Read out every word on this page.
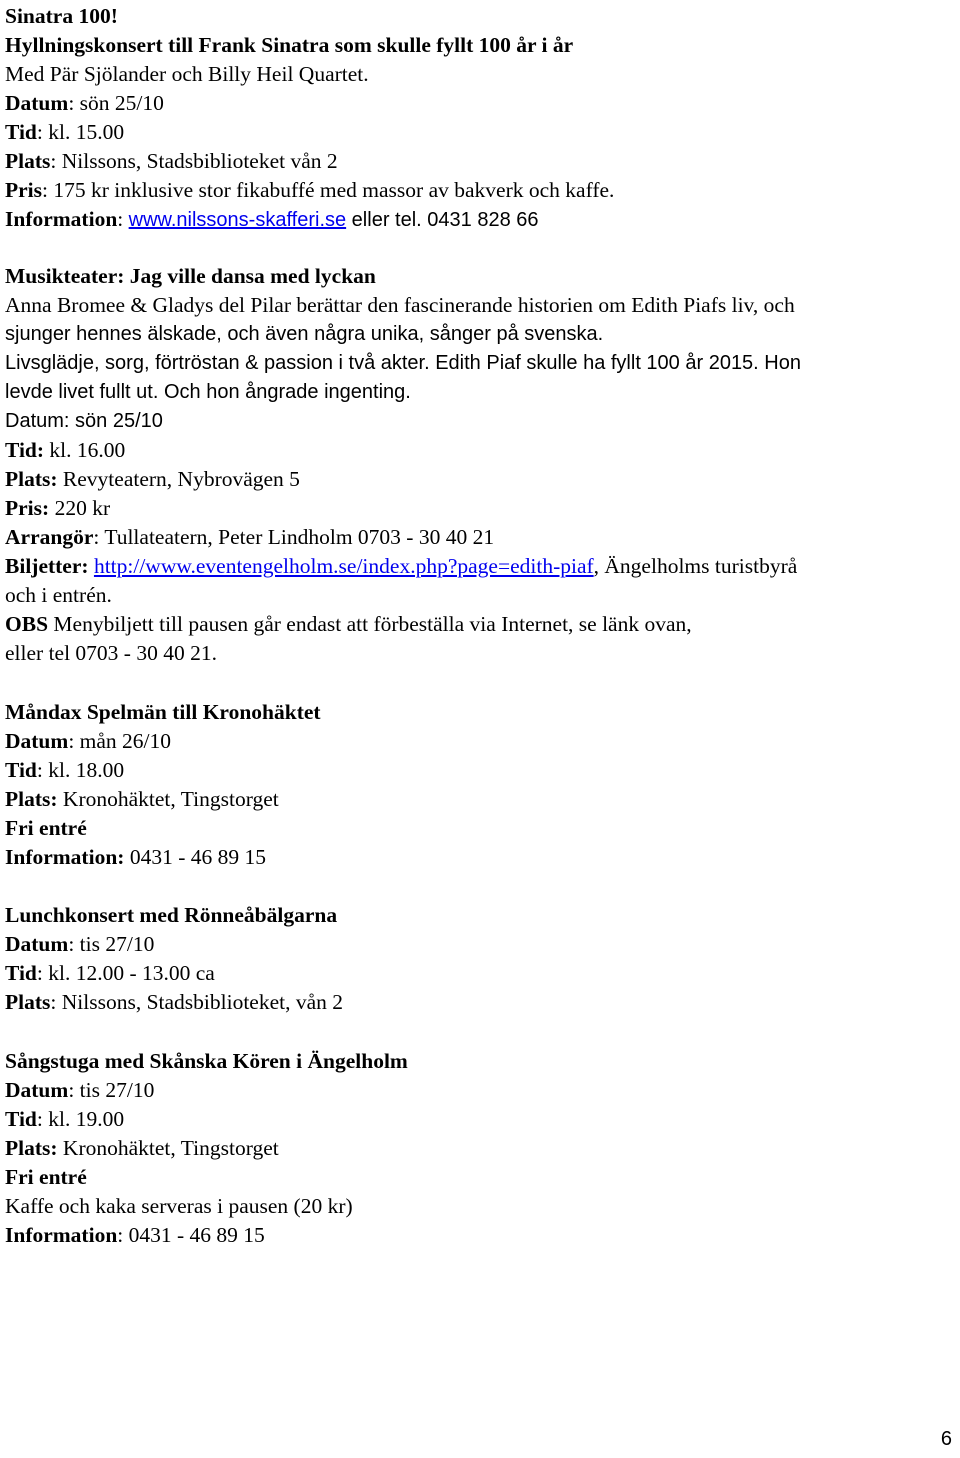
Sinatra 100!
Hyllningskonsert till Frank Sinatra som skulle fyllt 100 år i år
Med Pär Sjölander och Billy Heil Quartet.
Datum: sön 25/10
Tid: kl. 15.00
Plats: Nilssons, Stadsbiblioteket vån 2
Pris: 175 kr inklusive stor fikabuffé med massor av bakverk och kaffe.
Information: www.nilssons-skafferi.se eller tel. 0431 828 66
Musikteater: Jag ville dansa med lyckan
Anna Bromee & Gladys del Pilar berättar den fascinerande historien om Edith Piafs liv, och
sjunger hennes älskade, och även några unika, sånger på svenska.
Livsglädje, sorg, förtröstan & passion i två akter. Edith Piaf skulle ha fyllt 100 år 2015. Hon
levde livet fullt ut. Och hon ångrade ingenting.
Datum: sön 25/10
Tid: kl. 16.00
Plats: Revyteatern, Nybrovägen 5
Pris: 220 kr
Arrangör: Tullateatern, Peter Lindholm 0703 - 30 40 21
Biljetter: http://www.eventengelholm.se/index.php?page=edith-piaf, Ängelholms turistbyrå
och i entrén.
OBS Menybiljett till pausen går endast att förbeställa via Internet, se länk ovan,
eller tel 0703 - 30 40 21.
Måndax Spelmän till Kronohäktet
Datum: mån 26/10
Tid: kl. 18.00
Plats: Kronohäktet, Tingstorget
Fri entré
Information: 0431 - 46 89 15
Lunchkonsert med Rönneåbälgarna
Datum: tis 27/10
Tid: kl. 12.00 - 13.00 ca
Plats: Nilssons, Stadsbiblioteket, vån 2
Sångstuga med Skånska Kören i Ängelholm
Datum: tis 27/10
Tid: kl. 19.00
Plats: Kronohäktet, Tingstorget
Fri entré
Kaffe och kaka serveras i pausen (20 kr)
Information: 0431 - 46 89 15
6
